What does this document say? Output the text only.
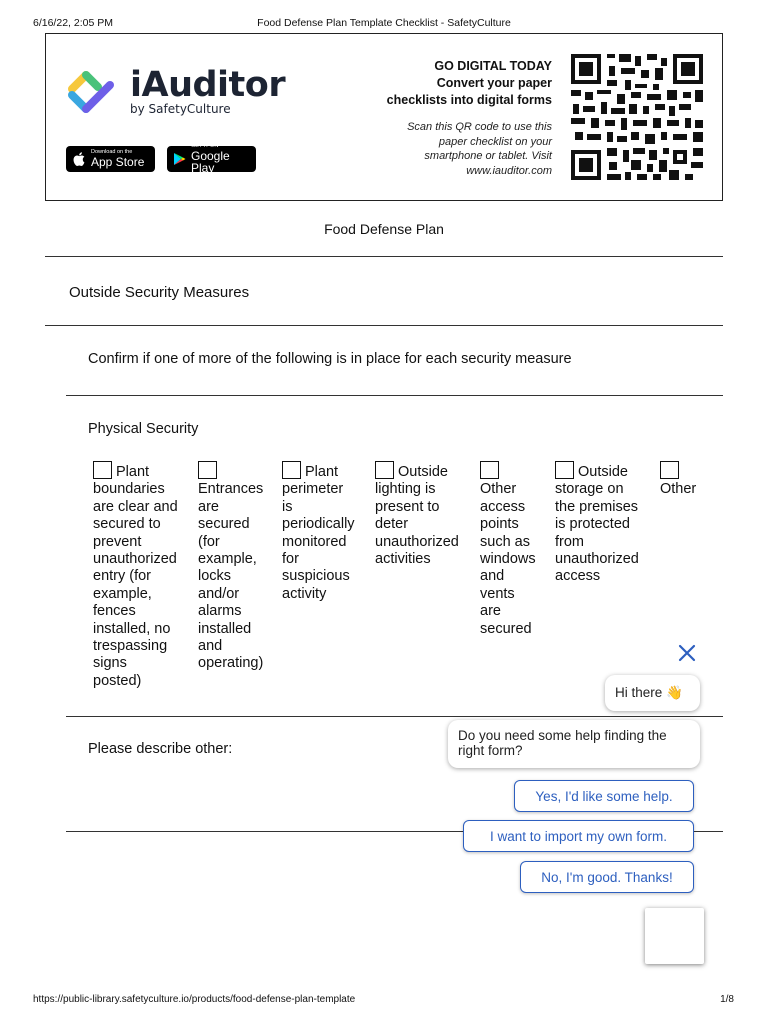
Food Defense Plan Template Checklist - SafetyCulture
6/16/22, 2:05 PM
iAuditor
by SafetyCulture
Download on the
App Store
GET IT ON
Google Play
GO DIGITAL TODAY
Convert your paper
checklists into digital forms
Scan this QR code to use this
paper checklist on your
smartphone or tablet. Visit
www.iauditor.com
Food Defense Plan
Outside Security Measures
Confirm if one of more of the following is in place for each security measure
Physical Security
Plant
boundaries
are clear and
secured to
prevent
unauthorized
entry (for
example,
fences
installed, no
trespassing
signs
posted)
Entrances
are
secured
(for
example,
locks
and/or
alarms
installed
and
operating)
Plant
perimeter
is
periodically
monitored
for
suspicious
activity
Outside
lighting is
present to
deter
unauthorized
activities
Other
access
points
such as
windows
and
vents
are
secured
Outside
storage on
the premises
is protected
from
unauthorized
access
Other
Please describe other:
Hi there 👋
Do you need some help finding the right form?
Yes, I'd like some help.
I want to import my own form.
No, I'm good. Thanks!
https://public-library.safetyculture.io/products/food-defense-plan-template	1/8
